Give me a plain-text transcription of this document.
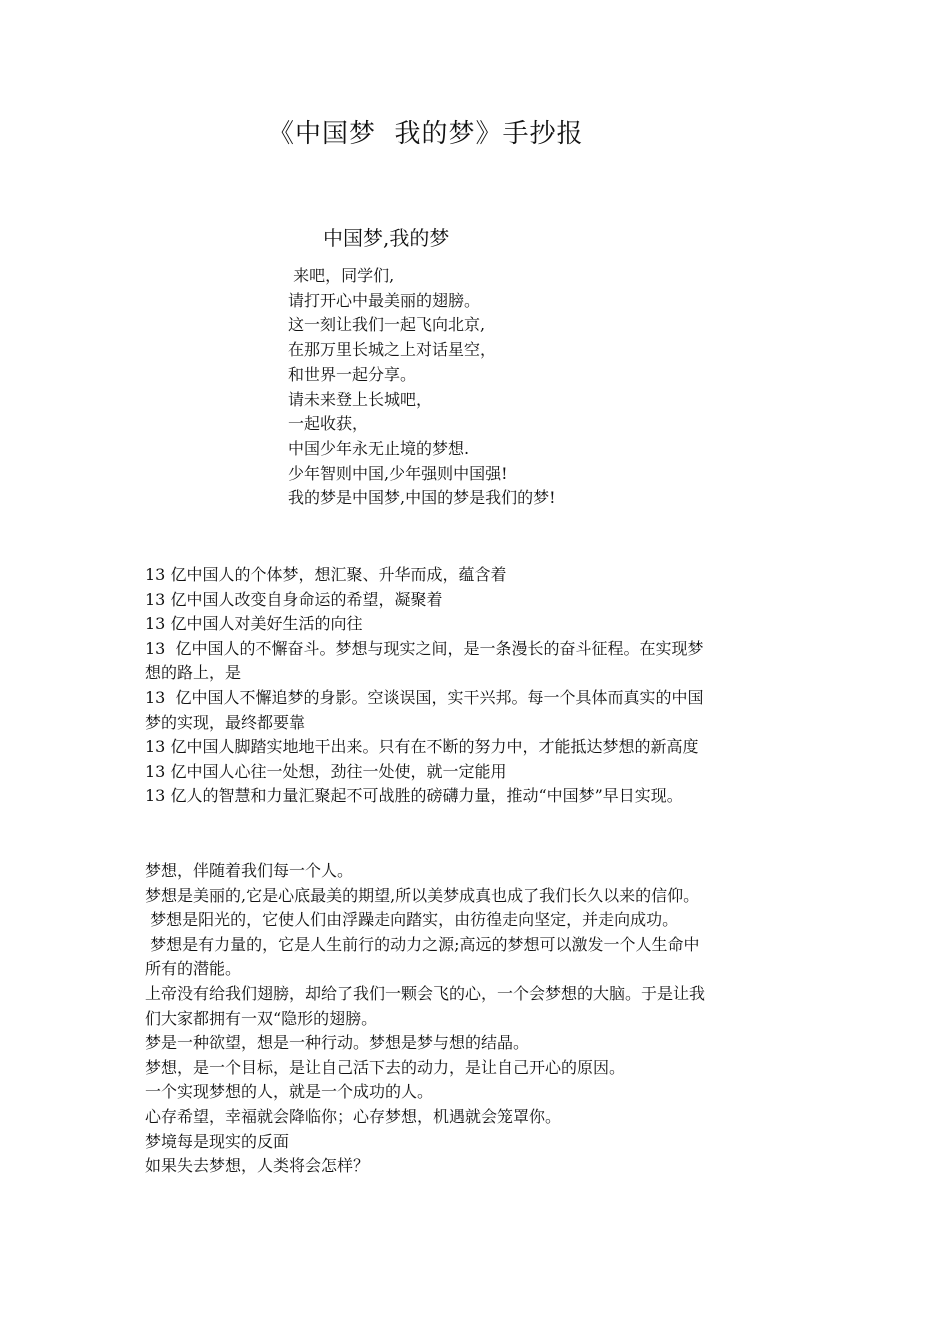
《中国梦  我的梦》手抄报
中国梦,我的梦
来吧，同学们,
请打开心中最美丽的翅膀。
这一刻让我们一起飞向北京,
在那万里长城之上对话星空，
和世界一起分享。
请未来登上长城吧，
一起收获，
中国少年永无止境的梦想.
少年智则中国,少年强则中国强!
我的梦是中国梦,中国的梦是我们的梦!
13 亿中国人的个体梦，想汇聚、升华而成，蕴含着
13 亿中国人改变自身命运的希望，凝聚着
13 亿中国人对美好生活的向往
13  亿中国人的不懈奋斗。梦想与现实之间，是一条漫长的奋斗征程。在实现梦
想的路上，是
13  亿中国人不懈追梦的身影。空谈误国，实干兴邦。每一个具体而真实的中国
梦的实现，最终都要靠
13 亿中国人脚踏实地地干出来。只有在不断的努力中，才能抵达梦想的新高度
13 亿中国人心往一处想，劲往一处使，就一定能用
13 亿人的智慧和力量汇聚起不可战胜的磅礴力量，推动“中国梦”早日实现。
梦想，伴随着我们每一个人。
梦想是美丽的,它是心底最美的期望,所以美梦成真也成了我们长久以来的信仰。
梦想是阳光的，它使人们由浮躁走向踏实，由彷徨走向坚定，并走向成功。
梦想是有力量的，它是人生前行的动力之源;高远的梦想可以激发一个人生命中
所有的潜能。
上帝没有给我们翅膀，却给了我们一颗会飞的心，一个会梦想的大脑。于是让我
们大家都拥有一双“隐形的翅膀。
梦是一种欲望，想是一种行动。梦想是梦与想的结晶。
梦想，是一个目标，是让自己活下去的动力，是让自己开心的原因。
一个实现梦想的人，就是一个成功的人。
心存希望，幸福就会降临你；心存梦想，机遇就会笼罩你。
梦境每是现实的反面
如果失去梦想，人类将会怎样？
